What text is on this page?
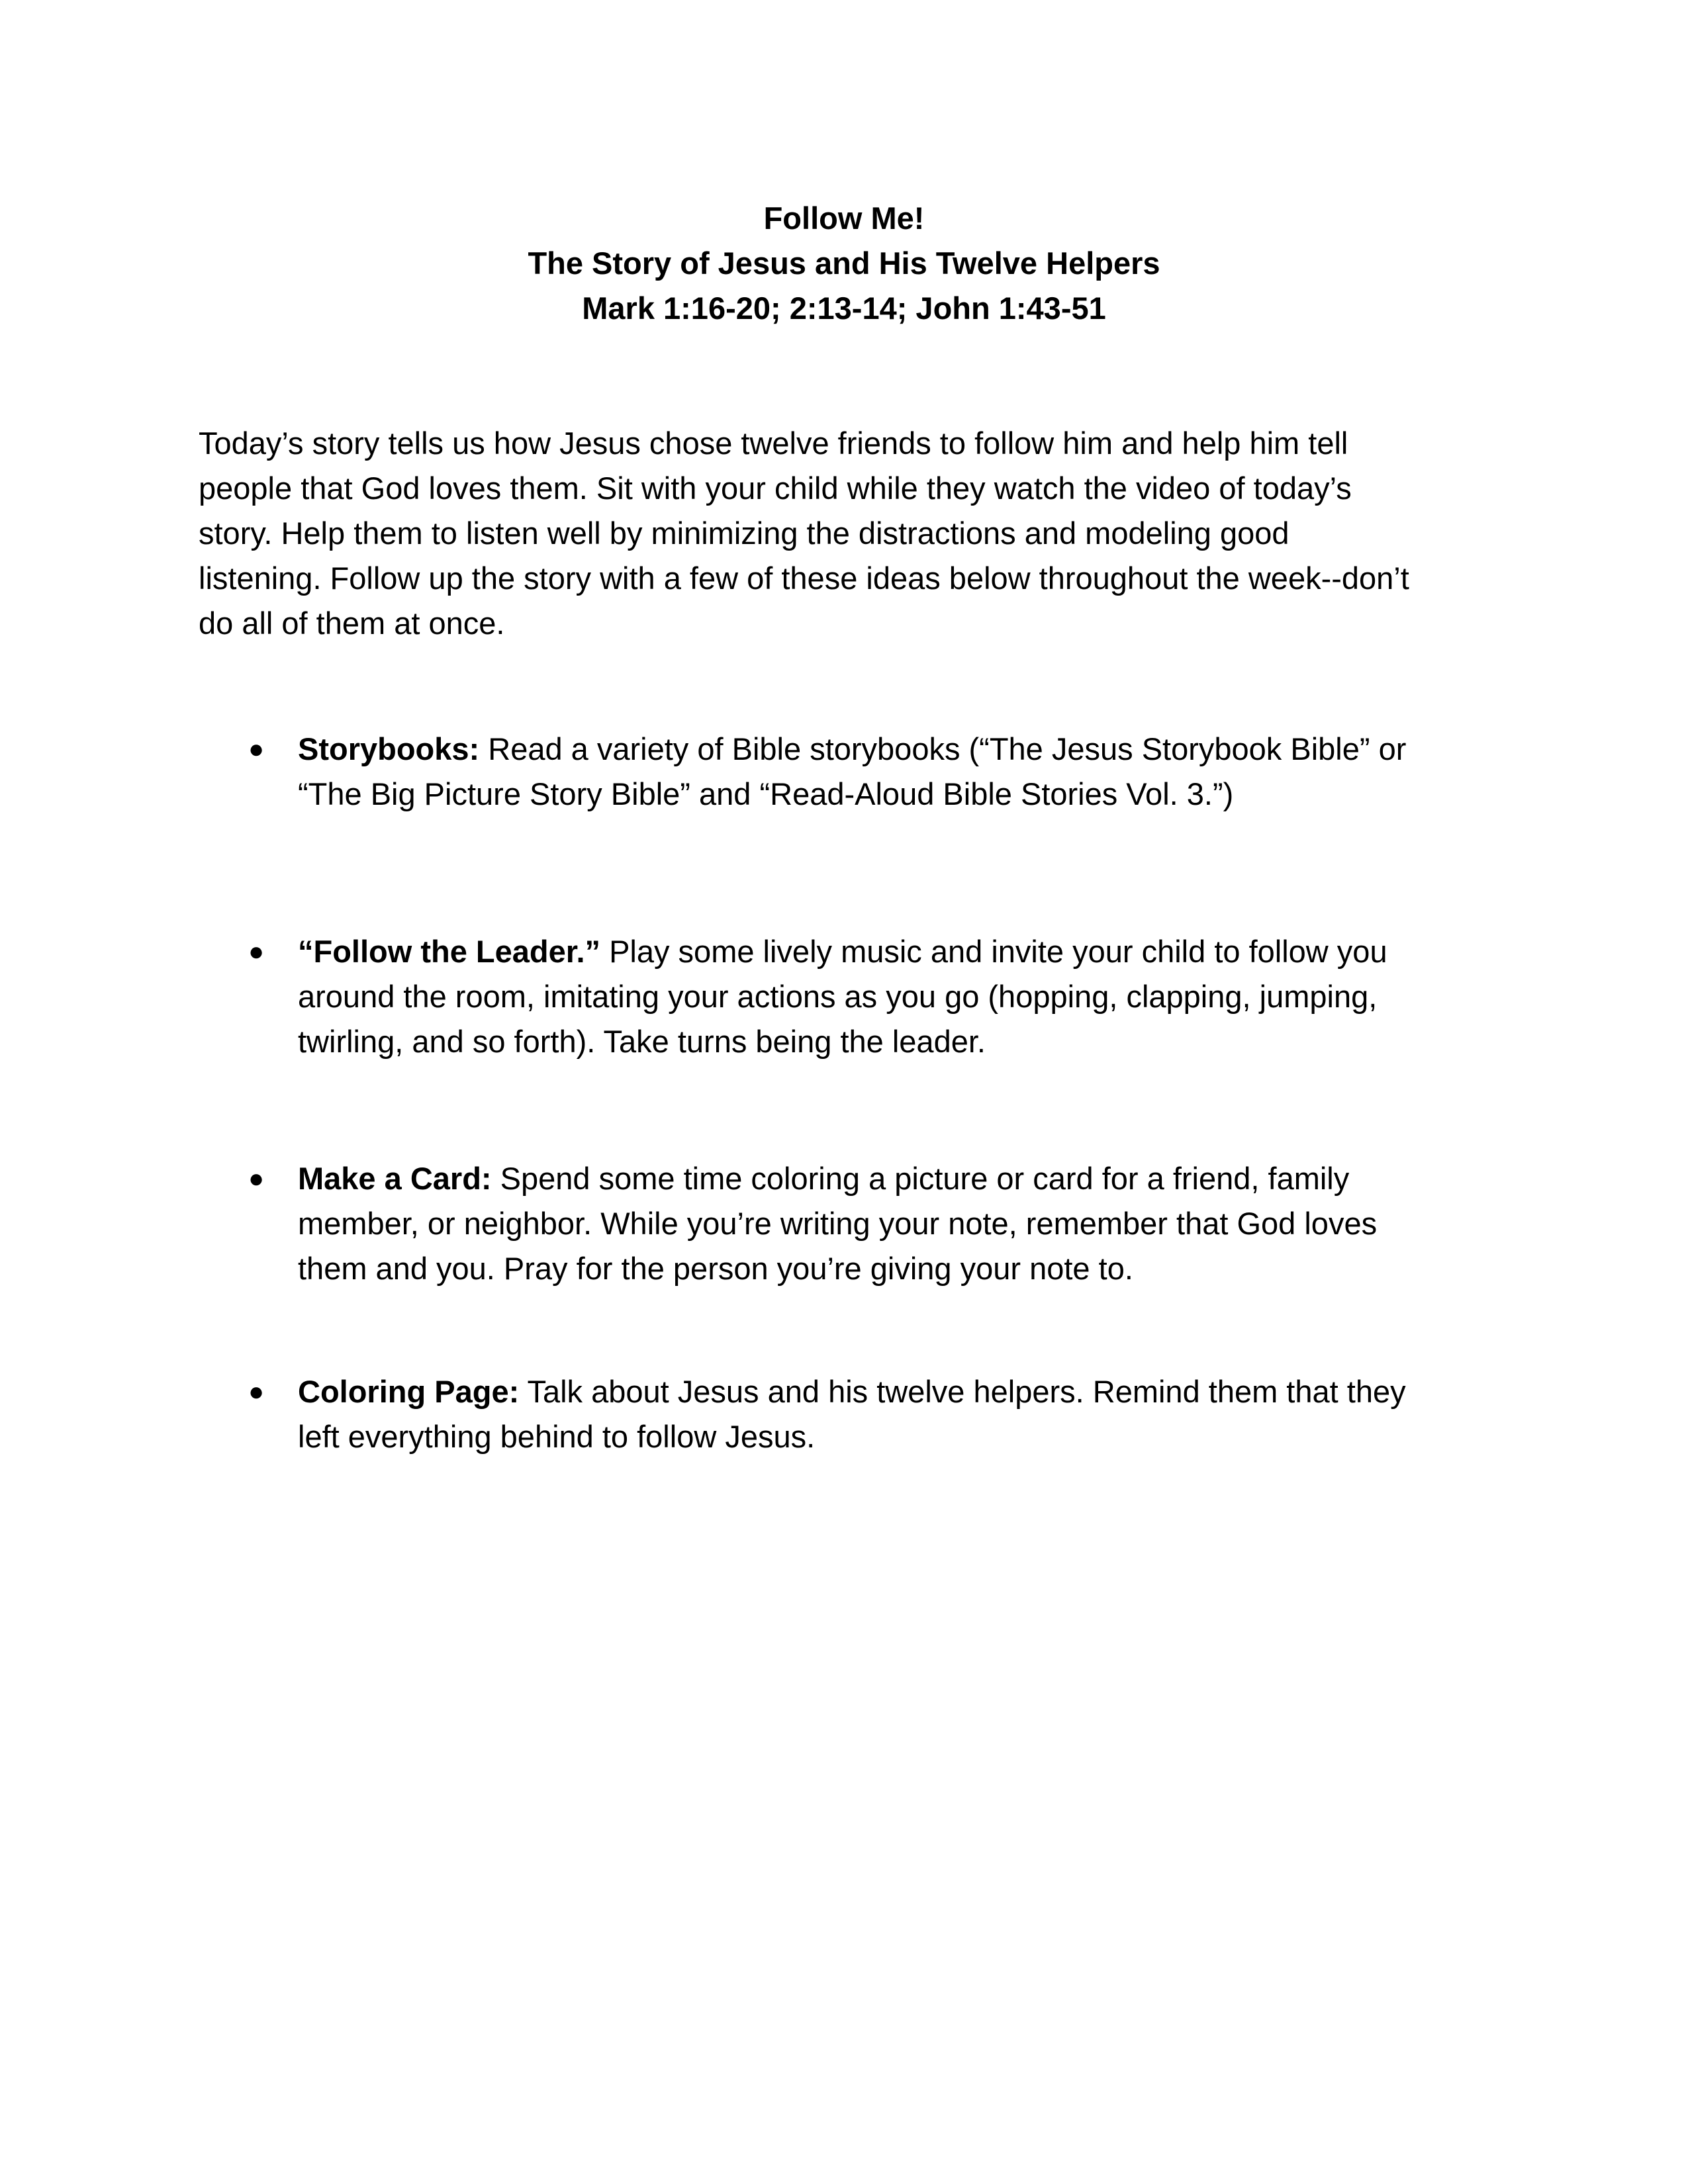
Follow Me!
The Story of Jesus and His Twelve Helpers
Mark 1:16-20; 2:13-14; John 1:43-51

Today’s story tells us how Jesus chose twelve friends to follow him and help him tell
people that God loves them. Sit with your child while they watch the video of today’s
story. Help them to listen well by minimizing the distractions and modeling good
listening. Follow up the story with a few of these ideas below throughout the week--don’t
do all of them at once.

●	Storybooks: Read a variety of Bible storybooks (“The Jesus Storybook Bible” or
“The Big Picture Story Bible” and “Read-Aloud Bible Stories Vol. 3.”)
●	“Follow the Leader.” Play some lively music and invite your child to follow you
around the room, imitating your actions as you go (hopping, clapping, jumping,
twirling, and so forth). Take turns being the leader.
●	Make a Card: Spend some time coloring a picture or card for a friend, family
member, or neighbor. While you’re writing your note, remember that God loves
them and you. Pray for the person you’re giving your note to.
●	Coloring Page: Talk about Jesus and his twelve helpers. Remind them that they
left everything behind to follow Jesus.
